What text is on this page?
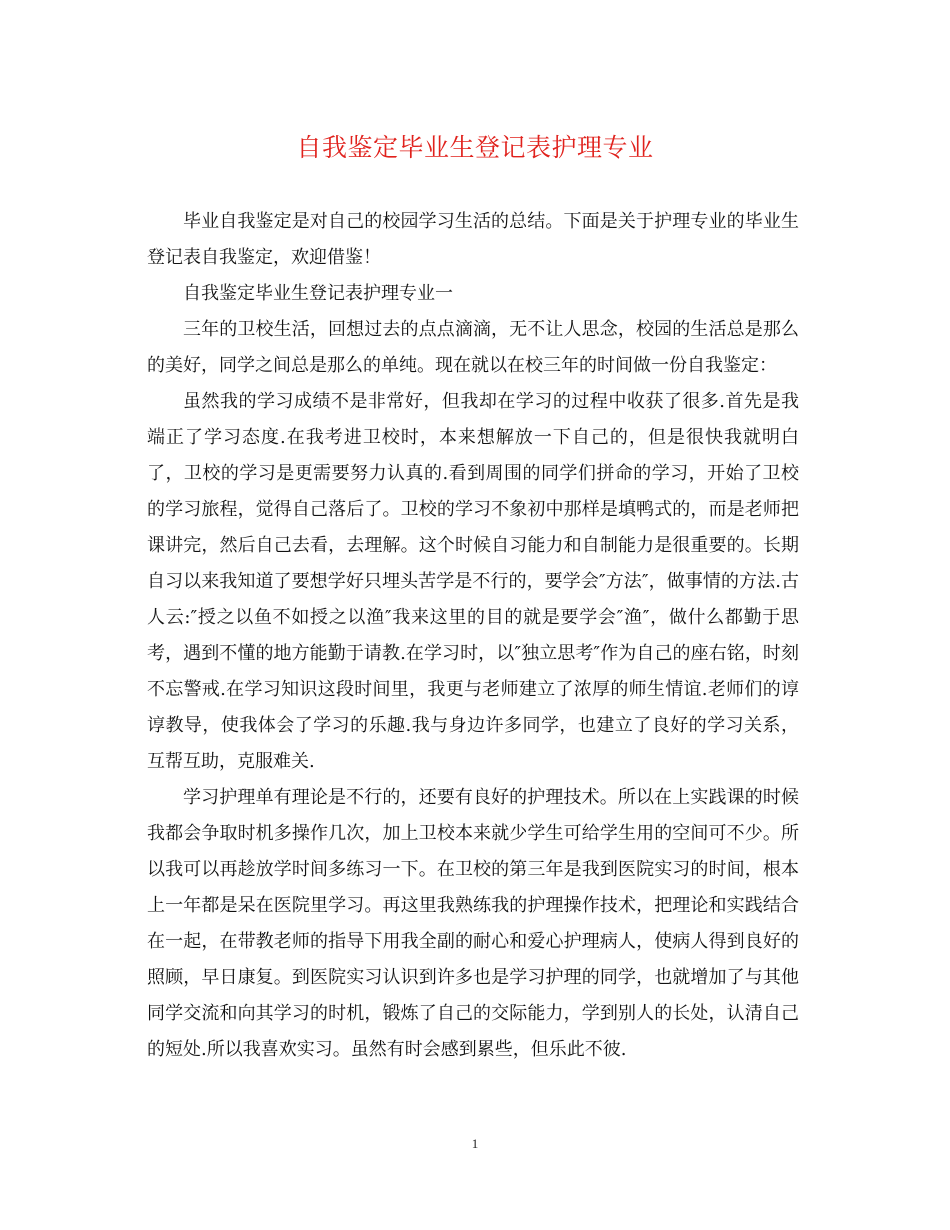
自我鉴定毕业生登记表护理专业

毕业自我鉴定是对自己的校园学习生活的总结。下面是关于护理专业的毕业生登记表自我鉴定，欢迎借鉴！

自我鉴定毕业生登记表护理专业一

三年的卫校生活，回想过去的点点滴滴，无不让人思念，校园的生活总是那么的美好，同学之间总是那么的单纯。现在就以在校三年的时间做一份自我鉴定：

虽然我的学习成绩不是非常好，但我却在学习的过程中收获了很多.首先是我端正了学习态度.在我考进卫校时，本来想解放一下自己的，但是很快我就明白了，卫校的学习是更需要努力认真的.看到周围的同学们拼命的学习，开始了卫校的学习旅程，觉得自己落后了。卫校的学习不象初中那样是填鸭式的，而是老师把课讲完，然后自己去看，去理解。这个时候自习能力和自制能力是很重要的。长期自习以来我知道了要想学好只埋头苦学是不行的，要学会″方法″，做事情的方法.古人云:″授之以鱼不如授之以渔″我来这里的目的就是要学会″渔″，做什么都勤于思考，遇到不懂的地方能勤于请教.在学习时，以″独立思考″作为自己的座右铭，时刻不忘警戒.在学习知识这段时间里，我更与老师建立了浓厚的师生情谊.老师们的谆谆教导，使我体会了学习的乐趣.我与身边许多同学，也建立了良好的学习关系，互帮互助，克服难关.

学习护理单有理论是不行的，还要有良好的护理技术。所以在上实践课的时候我都会争取时机多操作几次，加上卫校本来就少学生可给学生用的空间可不少。所以我可以再趁放学时间多练习一下。在卫校的第三年是我到医院实习的时间，根本上一年都是呆在医院里学习。再这里我熟练我的护理操作技术，把理论和实践结合在一起，在带教老师的指导下用我全副的耐心和爱心护理病人，使病人得到良好的照顾，早日康复。到医院实习认识到许多也是学习护理的同学，也就增加了与其他同学交流和向其学习的时机，锻炼了自己的交际能力，学到别人的长处，认清自己的短处.所以我喜欢实习。虽然有时会感到累些，但乐此不彼.

1
